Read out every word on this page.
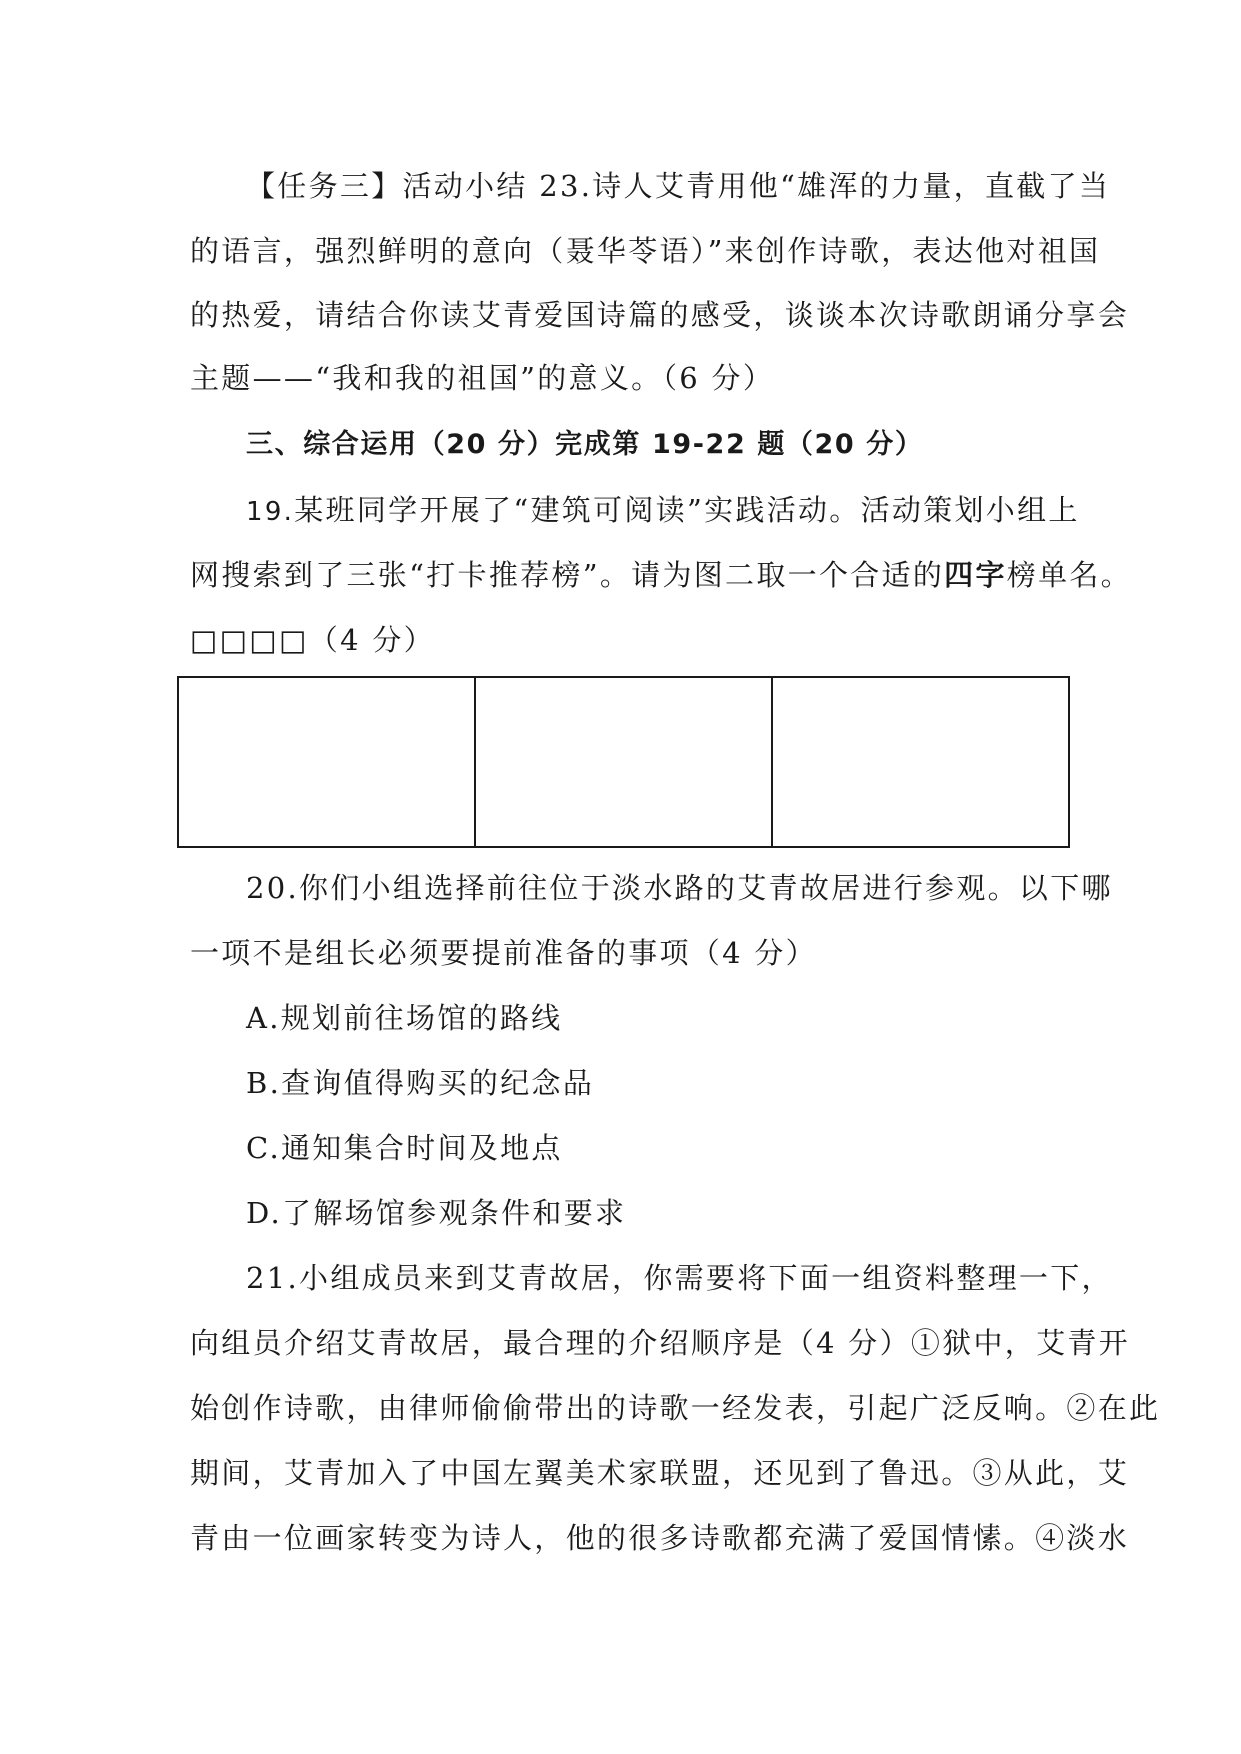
【任务三】活动小结 23.诗人艾青用他“雄浑的力量，直截了当
的语言，强烈鲜明的意向（聂华苓语）”来创作诗歌，表达他对祖国
的热爱，请结合你读艾青爱国诗篇的感受，谈谈本次诗歌朗诵分享会
主题——“我和我的祖国”的意义。（6 分）
三、综合运用（20 分）完成第 19-22 题（20 分）
19.某班同学开展了“建筑可阅读”实践活动。活动策划小组上
网搜索到了三张“打卡推荐榜”。请为图二取一个合适的四字榜单名。
□□□□（4 分）
20.你们小组选择前往位于淡水路的艾青故居进行参观。以下哪
一项不是组长必须要提前准备的事项（4 分）
A.规划前往场馆的路线
B.查询值得购买的纪念品
C.通知集合时间及地点
D.了解场馆参观条件和要求
21.小组成员来到艾青故居，你需要将下面一组资料整理一下，
向组员介绍艾青故居，最合理的介绍顺序是（4 分）①狱中，艾青开
始创作诗歌，由律师偷偷带出的诗歌一经发表，引起广泛反响。②在此
期间，艾青加入了中国左翼美术家联盟，还见到了鲁迅。③从此，艾
青由一位画家转变为诗人，他的很多诗歌都充满了爱国情愫。④淡水
